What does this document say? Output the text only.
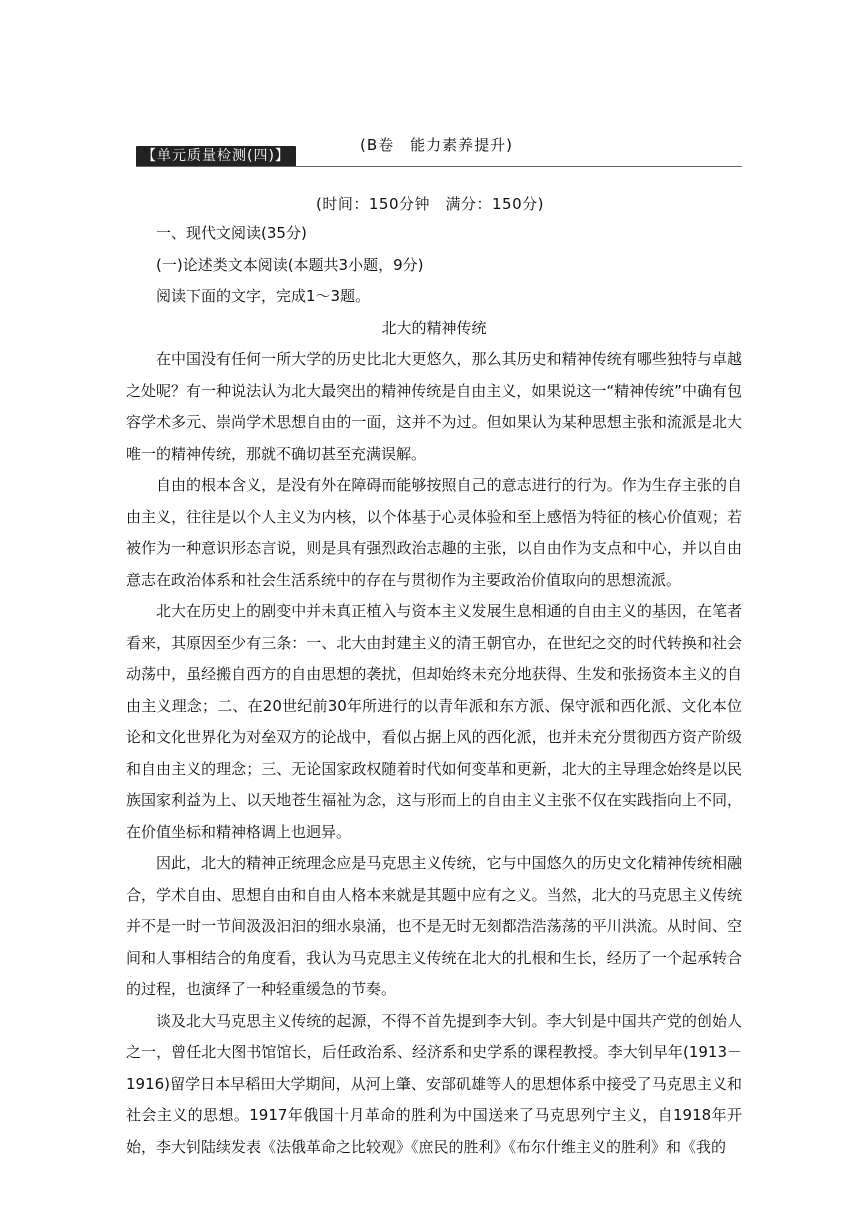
【单元质量检测(四)】
(B卷　能力素养提升)
(时间：150分钟　满分：150分)

一、现代文阅读(35分)

(一)论述类文本阅读(本题共3小题，9分)

阅读下面的文字，完成1～3题。

北大的精神传统

在中国没有任何一所大学的历史比北大更悠久，那么其历史和精神传统有哪些独特与卓越之处呢？有一种说法认为北大最突出的精神传统是自由主义，如果说这一“精神传统”中确有包容学术多元、崇尚学术思想自由的一面，这并不为过。但如果认为某种思想主张和流派是北大唯一的精神传统，那就不确切甚至充满误解。

自由的根本含义，是没有外在障碍而能够按照自己的意志进行的行为。作为生存主张的自由主义，往往是以个人主义为内核，以个体基于心灵体验和至上感悟为特征的核心价值观；若被作为一种意识形态言说，则是具有强烈政治志趣的主张，以自由作为支点和中心，并以自由意志在政治体系和社会生活系统中的存在与贯彻作为主要政治价值取向的思想流派。

北大在历史上的剧变中并未真正植入与资本主义发展生息相通的自由主义的基因，在笔者看来，其原因至少有三条：一、北大由封建主义的清王朝官办，在世纪之交的时代转换和社会动荡中，虽经搬自西方的自由思想的袭扰，但却始终未充分地获得、生发和张扬资本主义的自由主义理念；二、在20世纪前30年所进行的以青年派和东方派、保守派和西化派、文化本位论和文化世界化为对垒双方的论战中，看似占据上风的西化派，也并未充分贯彻西方资产阶级和自由主义的理念；三、无论国家政权随着时代如何变革和更新，北大的主导理念始终是以民族国家利益为上、以天地苍生福祉为念，这与形而上的自由主义主张不仅在实践指向上不同，在价值坐标和精神格调上也迥异。

因此，北大的精神正统理念应是马克思主义传统，它与中国悠久的历史文化精神传统相融合，学术自由、思想自由和自由人格本来就是其题中应有之义。当然，北大的马克思主义传统并不是一时一节间汲汲汩汩的细水泉涌，也不是无时无刻都浩浩荡荡的平川洪流。从时间、空间和人事相结合的角度看，我认为马克思主义传统在北大的扎根和生长，经历了一个起承转合的过程，也演绎了一种轻重缓急的节奏。

谈及北大马克思主义传统的起源，不得不首先提到李大钊。李大钊是中国共产党的创始人之一，曾任北大图书馆馆长，后任政治系、经济系和史学系的课程教授。李大钊早年(1913－1916)留学日本早稻田大学期间，从河上肇、安部矶雄等人的思想体系中接受了马克思主义和社会主义的思想。1917年俄国十月革命的胜利为中国送来了马克思列宁主义，自1918年开始，李大钊陆续发表《法俄革命之比较观》《庶民的胜利》《布尔什维主义的胜利》和《我的
